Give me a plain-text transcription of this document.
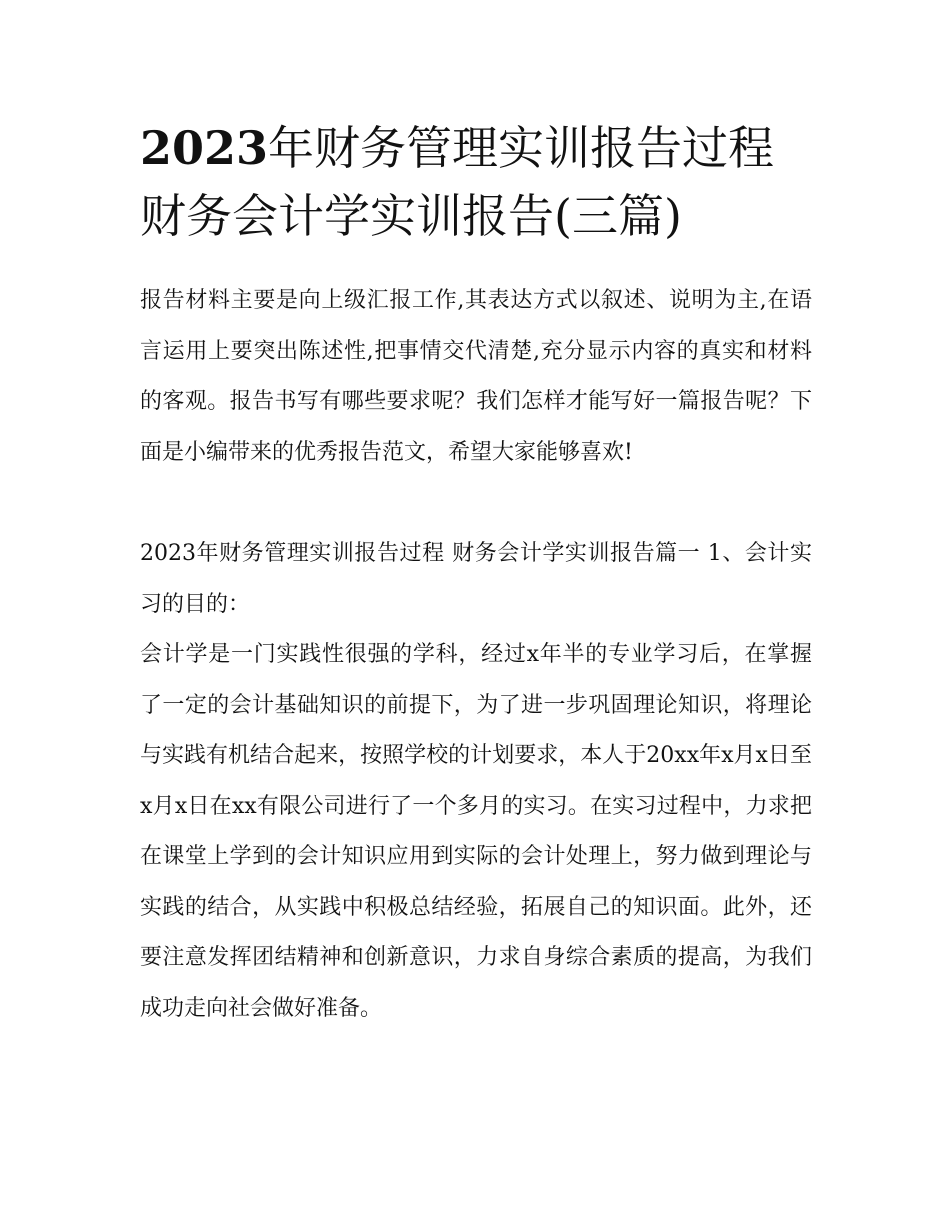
2023年财务管理实训报告过程
财务会计学实训报告(三篇)

报告材料主要是向上级汇报工作,其表达方式以叙述、说明为主,在语言运用上要突出陈述性,把事情交代清楚,充分显示内容的真实和材料的客观。报告书写有哪些要求呢？我们怎样才能写好一篇报告呢？下面是小编带来的优秀报告范文，希望大家能够喜欢!

2023年财务管理实训报告过程 财务会计学实训报告篇一 1、会计实习的目的：

会计学是一门实践性很强的学科，经过x年半的专业学习后，在掌握了一定的会计基础知识的前提下，为了进一步巩固理论知识，将理论与实践有机结合起来，按照学校的计划要求，本人于20xx年x月x日至x月x日在xx有限公司进行了一个多月的实习。在实习过程中，力求把在课堂上学到的会计知识应用到实际的会计处理上，努力做到理论与实践的结合，从实践中积极总结经验，拓展自己的知识面。此外，还要注意发挥团结精神和创新意识，力求自身综合素质的提高，为我们成功走向社会做好准备。
